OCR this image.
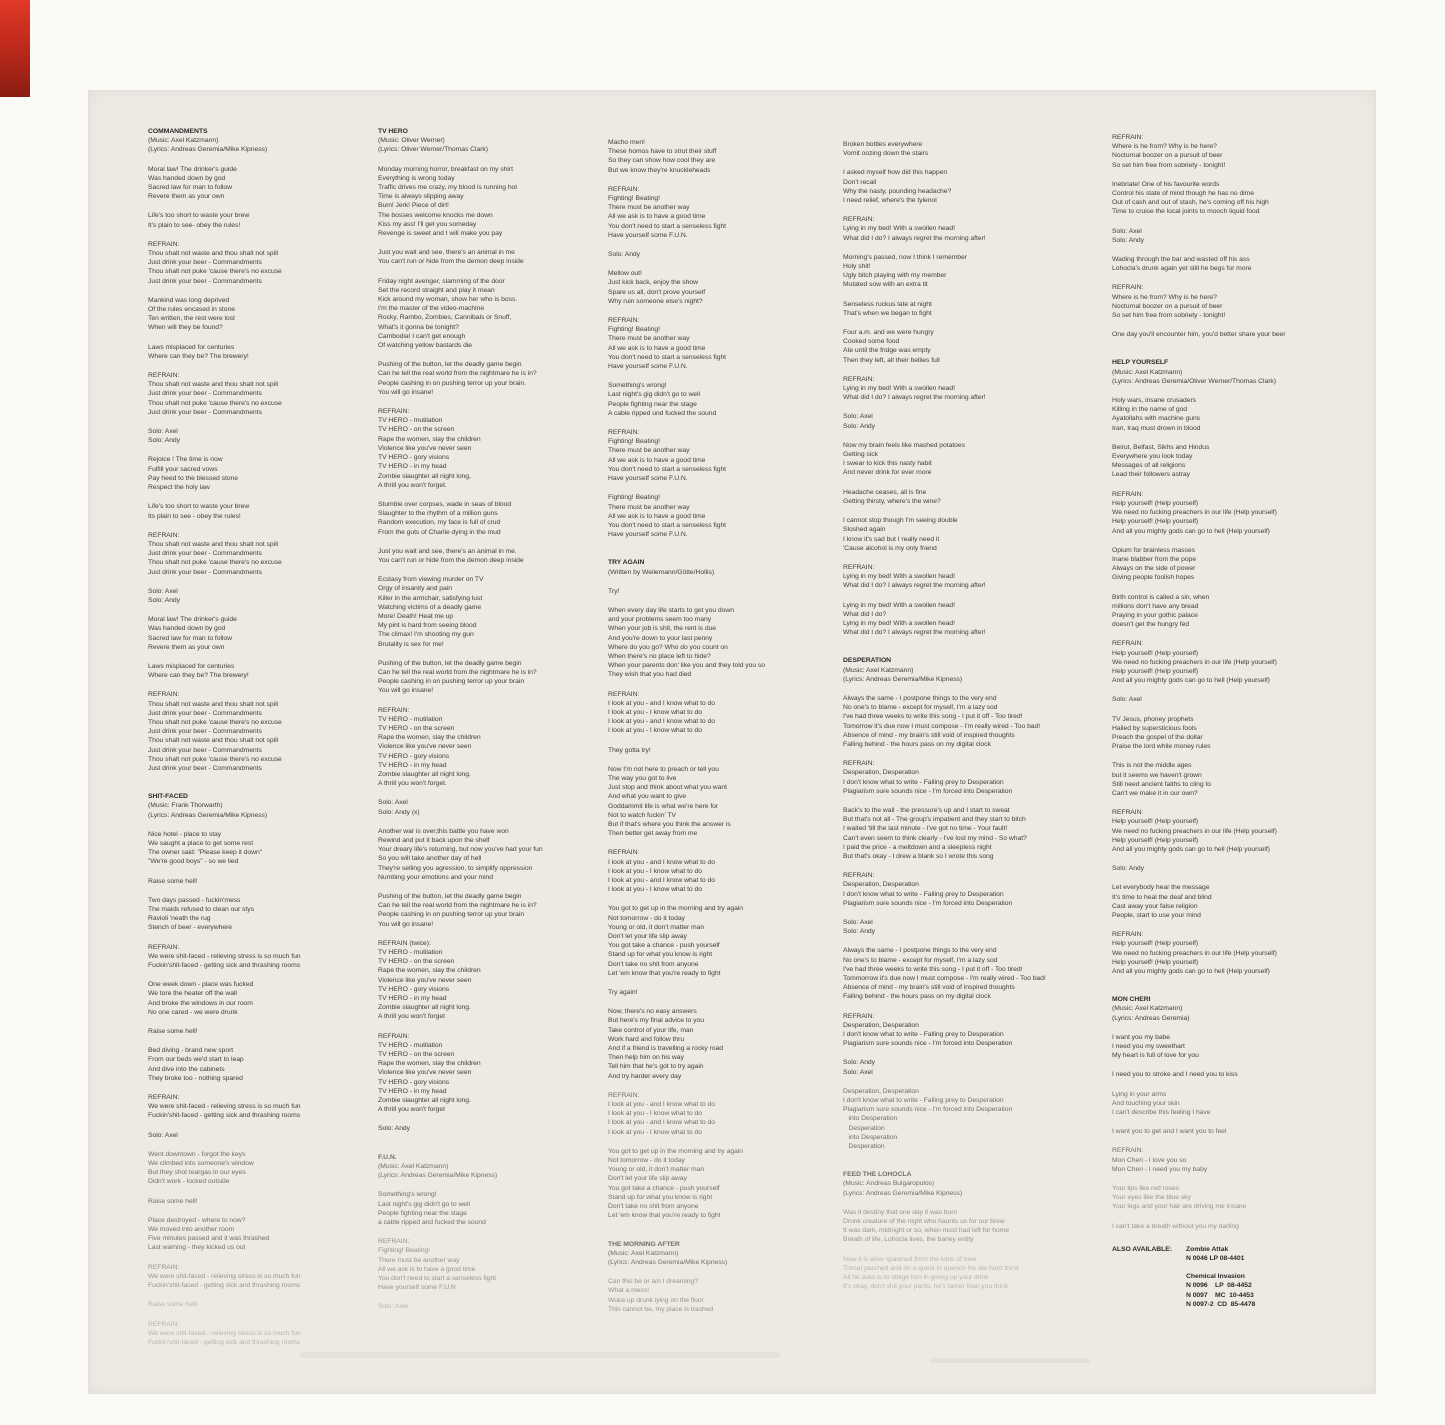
COMMANDMENTS
(Music: Axel Katzmann)
(Lyrics: Andreas Geremia/Mike Kipness)
Moral law! The drinker's guide
Was handed down by god
Sacred law for man to follow
Revere them as your own
Life's too short to waste your brew
It's plain to see- obey the rules!
REFRAIN:
Thou shalt not waste and thou shalt not spill
Just drink your beer - Commandments
Thou shalt not puke 'cause there's no excuse
Just drink your beer - Commandments
Mankind was long deprived
Of the rules encased in stone
Ten written, the rest were lost
When will they be found?
Laws misplaced for centuries
Where can they be? The brewery!
REFRAIN:
Thou shalt not waste and thou shalt not spill
Just drink your beer - Commandments
Thou shalt not puke 'cause there's no excuse
Just drink your beer - Commandments
Solo: Axel
Solo: Andy
Rejoice ! The time is now
Fulfill your sacred vows
Pay heed to the blessed stone
Respect the holy law
Life's too short to waste your brew
Its plain to see - obey the rules!
REFRAIN:
Thou shalt not waste and thou shalt not spill
Just drink your beer - Commandments
Thou shalt not puke 'cause there's no excuse
Just drink your beer - Commandments
Solo: Axel
Solo: Andy
Moral law! The drinker's guide
Was handed down by god
Sacred law for man to follow
Revere them as your own
Laws misplaced for centuries
Where can they be? The brewery!
REFRAIN:
Thou shalt not waste and thou shalt not spill
Just drink your beer - Commandments
Thou shalt not puke 'cause there's no excuse
Just drink your beer - Commandments
Thou shalt not waste and thou shalt not spill
Just drink your beer - Commandments
Thou shalt not puke 'cause there's no excuse
Just drink your beer - Commandments
SHIT-FACED
(Music: Frank Thorwarth)
(Lyrics: Andreas Geremia/Mike Kipness)
Nice hotel - place to stay
We saught a place to get some rest
The owner said: "Please keep it down"
"We're good boys" - so we lied
Raise some hell!
Two days passed - fuckin'mess
The maids refused to clean our stys
Ravioli 'neath the rug
Stench of beer - everywhere
REFRAIN:
We were shit-faced - relieving stress is so much fun
Fuckin'shit-faced - getting sick and thrashing rooms
One week down - place was fucked
We tore the heater off the wall
And broke the windows in our room
No one cared - we were drunk
Raise some hell!
Bed diving - brand new sport
From our beds we'd start to leap
And dive into the cabinets
They broke too - nothing spared
REFRAIN:
We were shit-faced - relieving stress is so much fun
Fuckin'shit-faced - getting sick and thrashing rooms
Solo: Axel
Went downtown - forgot the keys
We climbed into someone's window
But they shot teargas in our eyes
Didn't work - locked outside
Raise some hell!
Place destroyed - where to now?
We moved into another room
Five minutes passed and it was thrashed
Last warning - they kicked us out
REFRAIN:
We were shit-faced - relieving stress is so much fun
Fuckin'shit-faced - getting sick and thrashing rooms
Raise some hell!
REFRAIN:
We were shit-faced - relieving stress is so much fun
Fuckin'shit-faced - getting sick and thrashing rooms
TV HERO
(Music: Oliver Werner)
(Lyrics: Oliver Werner/Thomas Clark)
Monday morning horror, breakfast on my shirt
Everything is wrong today
Traffic drives me crazy, my blood is running hot
Time is always slipping away
Bum! Jerk! Piece of dirt!
The bosses welcome knocks me down
Kiss my ass! I'll get you someday
Revenge is sweet and I will make you pay
Just you wait and see, there's an animal in me
You can't run or hide from the demon deep inside
Friday night avenger, slamming of the door
Set the record straight and play it mean
Kick around my woman, show her who is boss.
I'm the master of the video-machine
Rocky, Rambo, Zombies, Cannibals or Snuff,
What's it gonna be tonight?
Cambodia! I can't get enough
Of watching yellow bastards die
Pushing of the button, let the deadly game begin
Can he tell the real world from the nightmare he is in?
People cashing in on pushing terror up your brain.
You will go insane!
REFRAIN:
TV HERO - mutilation
TV HERO - on the screen
Rape the women, slay the children
Violence like you've never seen
TV HERO - gory visions
TV HERO - in my head
Zombie slaughter all night long,
A thrill you won't forget.
Stumble over corpses, wade in seas of blood
Slaughter to the rhythm of a million guns
Random execution, my face is full of crud
From the guts of Charlie dying in the mud
Just you wait and see, there's an animal in me.
You can't run or hide from the demon deep inside
Ecstasy from viewing murder on TV
Orgy of insanity and pain
Killer in the armchair, satisfying lust
Watching victims of a deadly game
More! Death! Heat me up
My pint is hard from seeing blood
The climax! I'm shooting my gun
Brutality is sex for me!
Pushing of the button, let the deadly game begin
Can he tell the real world from the nightmare he is in?
People cashing in on pushing terror up your brain
You will go insane!
REFRAIN:
TV HERO - mutilation
TV HERO - on the screen
Rape the women, slay the children
Violence like you've never seen
TV HERO - gory visions
TV HERO - in my head
Zombie slaughter all night long.
A thrill you won't forget.
Solo: Axel
Solo: Andy (x)
Another war is over,this battle you have won
Rewind and put it back upon the shelf
Your dreary life's returning, but now you've had your fun
So you will take another day of hell
They're selling you agression, to simplify oppression
Numbing your emotions and your mind
Pushing of the button, let the deadly game begin
Can he tell the real world from the nightmare he is in?
People cashing in on pushing terror up your brain
You will go insane!
REFRAIN (twice):
TV HERO - mutilation
TV HERO - on the screen
Rape the women, slay the children
Violence like you've never seen
TV HERO - gory visions
TV HERO - in my head
Zombie slaughter all night long.
A thrill you won't forget
REFRAIN:
TV HERO - mutilation
TV HERO - on the screen
Rape the women, slay the children
Violence like you've never seen
TV HERO - gory visions
TV HERO - in my head
Zombie slaughter all night long.
A thrill you won't forget
Solo: Andy
F.U.N.
(Music: Axel Katzmann)
(Lyrics: Andreas Geremia/Mike Kipness)
Something's wrong!
Last night's gig didn't go to well
People fighting near the stage
a cable ripped and fucked the sound
REFRAIN:
Fighting! Beating!
There must be another way
All we ask is to have a good time
You don't need to start a senseless fight
Have yourself some F.U.N
Solo: Axel
Macho men!
These homos have to strut their stuff
So they can show how cool they are
But we know they're knuckleheads
REFRAIN:
Fighting! Beating!
There must be another way
All we ask is to have a good time
You don't need to start a senseless fight
Have yourself some F.U.N.
Solo: Andy
Mellow out!
Just kick back, enjoy the show
Spare us all, don't prove yourself
Why ruin someone else's night?
REFRAIN:
Fighting! Beating!
There must be another way
All we ask is to have a good time
You don't need to start a senseless fight
Have yourself some F.U.N.
Something's wrong!
Last night's gig didn't go to well
People fighting near the stage
A cable ripped und fucked the sound
REFRAIN:
Fighting! Beating!
There must be another way
All we ask is to have a good time
You don't need to start a senseless fight
Have yourself some F.U.N.
Fighting! Beating!
There must be another way
All we ask is to have a good time
You don't need to start a senseless fight
Have yourself some F.U.N.
TRY AGAIN
(Written by Weilemann/Götte/Hollis)
Try!
When every day life starts to get you down
and your problems seem too many
When your job is shit, the rent is due
And you're down to your last penny
Where do you go? Who do you count on
When there's no place left to hide?
When your parents don' like you and they told you so
They wish that you had died
REFRAIN:
I look at you - and I know what to do
I look at you - I know what to do
I look at you - and I know what to do
I look at you - I know what to do
They gotta try!
Now I'm not here to preach or tell you
The way you got to live
Just stop and think about what you want
And what you want to give
Goddammit life is what we're here for
Not to watch fuckin' TV
But if that's where you think the answer is
Then better get away from me
REFRAIN:
I look at you - and I know what to do
I look at you - I know what to do
I look at you - and I know what to do
I look at you - I know what to do
You got to get up in the morning and try again
Not tomorrow - do it today
Young or old, it don't matter man
Don't let your life slip away
You got take a chance - push yourself
Stand up for what you know is right
Don't take no shit from anyone
Let 'em know that you're ready to fight
Try again!
Now, there's no easy answers
But here's my final advice to you
Take control of your life, man
Work hard and follow thru
And if a friend is travelling a rocky road
Then help him on his way
Tell him that he's got to try again
And try harder every day
REFRAIN:
I look at you - and I know what to do
I look at you - I know what to do
I look at you - and I know what to do
I look at you - I know what to do
You got to get up in the morning and try again
Not tomorrow - do it today
Young or old, it don't matter man
Don't let your life slip away
You got take a chance - push yourself
Stand up for what you know is right
Don't take no shit from anyone
Let 'em know that you're ready to fight
THE MORNING AFTER
(Music: Axel Katzmann)
(Lyrics: Andreas Geremia/Mike Kipness)
Can this be or am I dreaming?
What a mess!
Woke up drunk lying on the floor
This cannot be, my place is trashed
Broken bottles everywhere
Vomit oozing down the stairs
I asked myself how did this happen
Don't recall
Why the nasty, pounding headache?
I need relief, where's the tylenol
REFRAIN:
Lying in my bed! With a swollen head!
What did I do? I always regret the morning after!
Morning's passed, now I think I remember
Holy shit!
Ugly bitch playing with my member
Mutated sow with an extra tit
Senseless ruckus late at night
That's when we began to fight
Four a.m. and we were hungry
Cooked some food
Ate until the fridge was empty
Then they left, all their bellies full
REFRAIN:
Lying in my bed! With a swollen head!
What did I do? I always regret the morning after!
Solo: Axel
Solo: Andy
Now my brain feels like mashed potatoes
Getting sick
I swear to kick this nasty habit
And never drink for ever more
Headache ceases, all is fine
Getting thirsty, where's the wine?
I cannot stop though I'm seeing double
Sloshed again
I know it's sad but I really need it
'Cause alcohol is my only friend
REFRAIN:
Lying in my bed! With a swollen head!
What did I do? I always regret the morning after!
Lying in my bed! With a swollen head!
What did I do?
Lying in my bed! With a swollen head!
What did I do? I always regret the morning after!
DESPERATION
(Music: Axel Katzmann)
(Lyrics: Andreas Geremia/Mike Kipness)
Always the same - I postpone things to the very end
No one's to blame - except for myself, I'm a lazy sod
I've had three weeks to write this song - I put it off - Too tired!
Tomorrow it's due now I must compose - I'm really wired - Too bad!
Absence of mind - my brain's still void of inspired thoughts
Falling behind - the hours pass on my digital clock
REFRAIN:
Desperation, Desperation
I don't know what to write - Falling prey to Desperation
Plagiarism sure sounds nice - I'm forced into Desperation
Back's to the wall - the pressure's up and I start to sweat
But that's not all - The group's impatient and they start to bitch
I waited 'till the last minute - I've got no time - Your fault!
Can't even seem to think clearly - I've lost my mind - So what?
I paid the price - a meltdown and a sleepless night
But that's okay - I drew a blank so I wrote this song
REFRAIN:
Desperation, Desperation
I don't know what to write - Falling prey to Desperation
Plagiarism sure sounds nice - I'm forced into Desperation
Solo: Axel
Solo: Andy
Always the same - I postpone things to the very end
No one's to blame - except for myself, I'm a lazy sod
I've had three weeks to write this song - I put it off - Too tired!
Tommorrow it's due now I must compose - I'm really wired - Too bad!
Absence of mind - my brain's still void of inspired thoughts
Falling behind - the hours pass on my digital clock
REFRAIN:
Desperation, Desperation
I don't know what to write - Falling prey to Desperation
Plagiarism sure sounds nice - I'm forced into Desperation
Solo: Andy
Solo: Axel
Desperation, Desperation
I don't know what to write - Falling prey to Desperation
Plagiarism sure sounds nice - I'm forced into Desperation
into Desperation
Desperation
into Desperation
Desperation
FEED THE LOHOCLA
(Music: Andreas Bulgaropulos)
(Lyrics: Andreas Geremia/Mike Kipness)
Was it destiny that one day it was born
Drunk creature of the night who haunts us for our brew
It was dark, midnight or so, when most had left for home
Breath of life, Lohocla lives, the barley entity
Now it is alive spawned from the loins of beer
Throat parched and on a quest to quench his die-hard thirst
All he asks is to oblige him in giving up your drink
It's okay, don't shit your pants, he's tamer than you think
REFRAIN:
Where is he from? Why is he here?
Nocturnal boozer on a pursuit of beer
So set him free from sobriety - tonight!
Inebriate! One of his favourite words
Control his state of mind though he has no dime
Out of cash and out of stash, he's coming off his high
Time to cruise the local joints to mooch liquid food
Solo: Axel
Solo: Andy
Wading through the bar and wasted off his ass
Lohocla's drunk again yet still he begs for more
REFRAIN:
Where is he from? Why is he here?
Nocturnal boozer on a pursuit of beer
So set him free from sobriety - tonight!
One day you'll encounter him, you'd better share your beer
HELP YOURSELF
(Music: Axel Katzmann)
(Lyrics: Andreas Geremia/Oliver Werner/Thomas Clark)
Holy wars, insane crusaders
Killing in the name of god
Ayatollahs with machine guns
Iran, Iraq must drown in blood
Beirut, Belfast, Sikhs and Hindus
Everywhere you look today
Messages of all religions
Lead their followers astray
REFRAIN:
Help yourself! (Help yourself)
We need no fucking preachers in our life (Help yourself)
Help yourself! (Help yourself)
And all you mighty gods can go to hell (Help yourself)
Opium for brainless masses
Inane blabber from the pope
Always on the side of power
Giving people foolish hopes
Birth control is called a sin, when
millions don't have any bread
Praying in your gothic palace
doesn't get the hungry fed
REFRAIN:
Help yourself! (Help yourself)
We need no fucking preachers in our life (Help yourself)
Help yourself! (Help yourself)
And all you mighty gods can go to hell (Help yourself)
Solo: Axel
TV Jesus, phoney prophets
Hailed by supersticious fools
Preach the gospel of the dollar
Praise the lord while money rules
This is not the middle ages
but it seems we haven't grown
Still need ancient faiths to cling to
Can't we make it in our own?
REFRAIN:
Help yourself! (Help yourself)
We need no fucking preachers in our life (Help yourself)
Help yourself! (Help yourself)
And all you mighty gods can go to hell (Help yourself)
Solo: Andy
Let everybody hear the message
It's time to heal the deaf and blind
Cast away your false religion
People, start to use your mind
REFRAIN:
Help yourself! (Help yourself)
We need no fucking preachers in our life (Help yourself)
Help yourself! (Help yourself)
And all you mighty gods can go to hell (Help yourself)
MON CHERI
(Music: Axel Katzmann)
(Lyrics: Andreas Geremia)
I want you my babe
I need you my sweethart
My heart is full of love for you
I need you to stroke and I need you to kiss
Lying in your arms
And touching your skin
I can't describe this feeling I have
I want you to get and I want you to feel
REFRAIN:
Mon Cheri - I love you so
Mon Cheri - I need you my baby
Your lips like red roses
Your eyes like the blue sky
Your legs and your hair are driving me insane
I can't take a breath without you my darling
ALSO AVAILABLE:	Zombie Attak
N 0046 LP 08-4401
Chemical Invasion
N 0096    LP  08-4452
N 0097    MC  10-4453
N 0097-2  CD  85-4478
